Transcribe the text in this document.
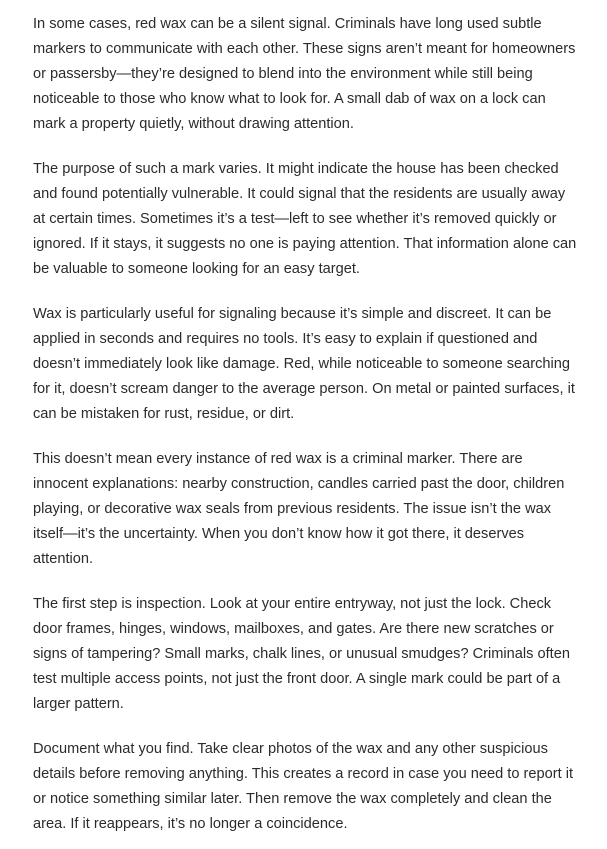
In some cases, red wax can be a silent signal. Criminals have long used subtle markers to communicate with each other. These signs aren’t meant for homeowners or passersby—they’re designed to blend into the environment while still being noticeable to those who know what to look for. A small dab of wax on a lock can mark a property quietly, without drawing attention.

The purpose of such a mark varies. It might indicate the house has been checked and found potentially vulnerable. It could signal that the residents are usually away at certain times. Sometimes it’s a test—left to see whether it’s removed quickly or ignored. If it stays, it suggests no one is paying attention. That information alone can be valuable to someone looking for an easy target.

Wax is particularly useful for signaling because it’s simple and discreet. It can be applied in seconds and requires no tools. It’s easy to explain if questioned and doesn’t immediately look like damage. Red, while noticeable to someone searching for it, doesn’t scream danger to the average person. On metal or painted surfaces, it can be mistaken for rust, residue, or dirt.

This doesn’t mean every instance of red wax is a criminal marker. There are innocent explanations: nearby construction, candles carried past the door, children playing, or decorative wax seals from previous residents. The issue isn’t the wax itself—it’s the uncertainty. When you don’t know how it got there, it deserves attention.

The first step is inspection. Look at your entire entryway, not just the lock. Check door frames, hinges, windows, mailboxes, and gates. Are there new scratches or signs of tampering? Small marks, chalk lines, or unusual smudges? Criminals often test multiple access points, not just the front door. A single mark could be part of a larger pattern.

Document what you find. Take clear photos of the wax and any other suspicious details before removing anything. This creates a record in case you need to report it or notice something similar later. Then remove the wax completely and clean the area. If it reappears, it’s no longer a coincidence.
